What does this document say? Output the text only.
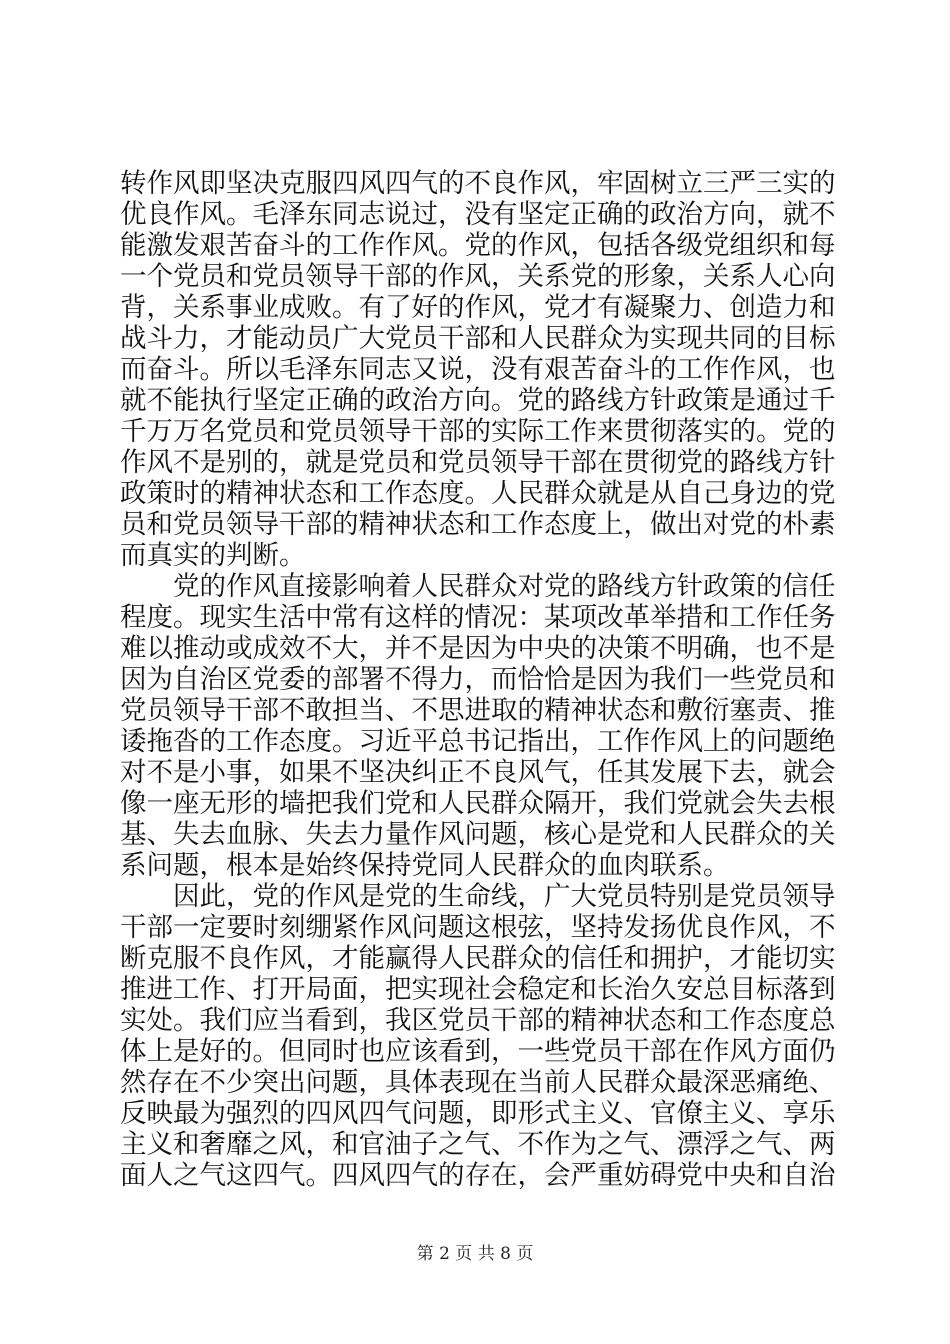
转作风即坚决克服四风四气的不良作风，牢固树立三严三实的
优良作风。毛泽东同志说过，没有坚定正确的政治方向，就不
能激发艰苦奋斗的工作作风。党的作风，包括各级党组织和每
一个党员和党员领导干部的作风，关系党的形象，关系人心向
背，关系事业成败。有了好的作风，党才有凝聚力、创造力和
战斗力，才能动员广大党员干部和人民群众为实现共同的目标
而奋斗。所以毛泽东同志又说，没有艰苦奋斗的工作作风，也
就不能执行坚定正确的政治方向。党的路线方针政策是通过千
千万万名党员和党员领导干部的实际工作来贯彻落实的。党的
作风不是别的，就是党员和党员领导干部在贯彻党的路线方针
政策时的精神状态和工作态度。人民群众就是从自己身边的党
员和党员领导干部的精神状态和工作态度上，做出对党的朴素
而真实的判断。
　　党的作风直接影响着人民群众对党的路线方针政策的信任
程度。现实生活中常有这样的情况：某项改革举措和工作任务
难以推动或成效不大，并不是因为中央的决策不明确，也不是
因为自治区党委的部署不得力，而恰恰是因为我们一些党员和
党员领导干部不敢担当、不思进取的精神状态和敷衍塞责、推
诿拖沓的工作态度。习近平总书记指出，工作作风上的问题绝
对不是小事，如果不坚决纠正不良风气，任其发展下去，就会
像一座无形的墙把我们党和人民群众隔开，我们党就会失去根
基、失去血脉、失去力量作风问题，核心是党和人民群众的关
系问题，根本是始终保持党同人民群众的血肉联系。
　　因此，党的作风是党的生命线，广大党员特别是党员领导
干部一定要时刻绷紧作风问题这根弦，坚持发扬优良作风，不
断克服不良作风，才能赢得人民群众的信任和拥护，才能切实
推进工作、打开局面，把实现社会稳定和长治久安总目标落到
实处。我们应当看到，我区党员干部的精神状态和工作态度总
体上是好的。但同时也应该看到，一些党员干部在作风方面仍
然存在不少突出问题，具体表现在当前人民群众最深恶痛绝、
反映最为强烈的四风四气问题，即形式主义、官僚主义、享乐
主义和奢靡之风，和官油子之气、不作为之气、漂浮之气、两
面人之气这四气。四风四气的存在，会严重妨碍党中央和自治
第 2 页 共 8 页
